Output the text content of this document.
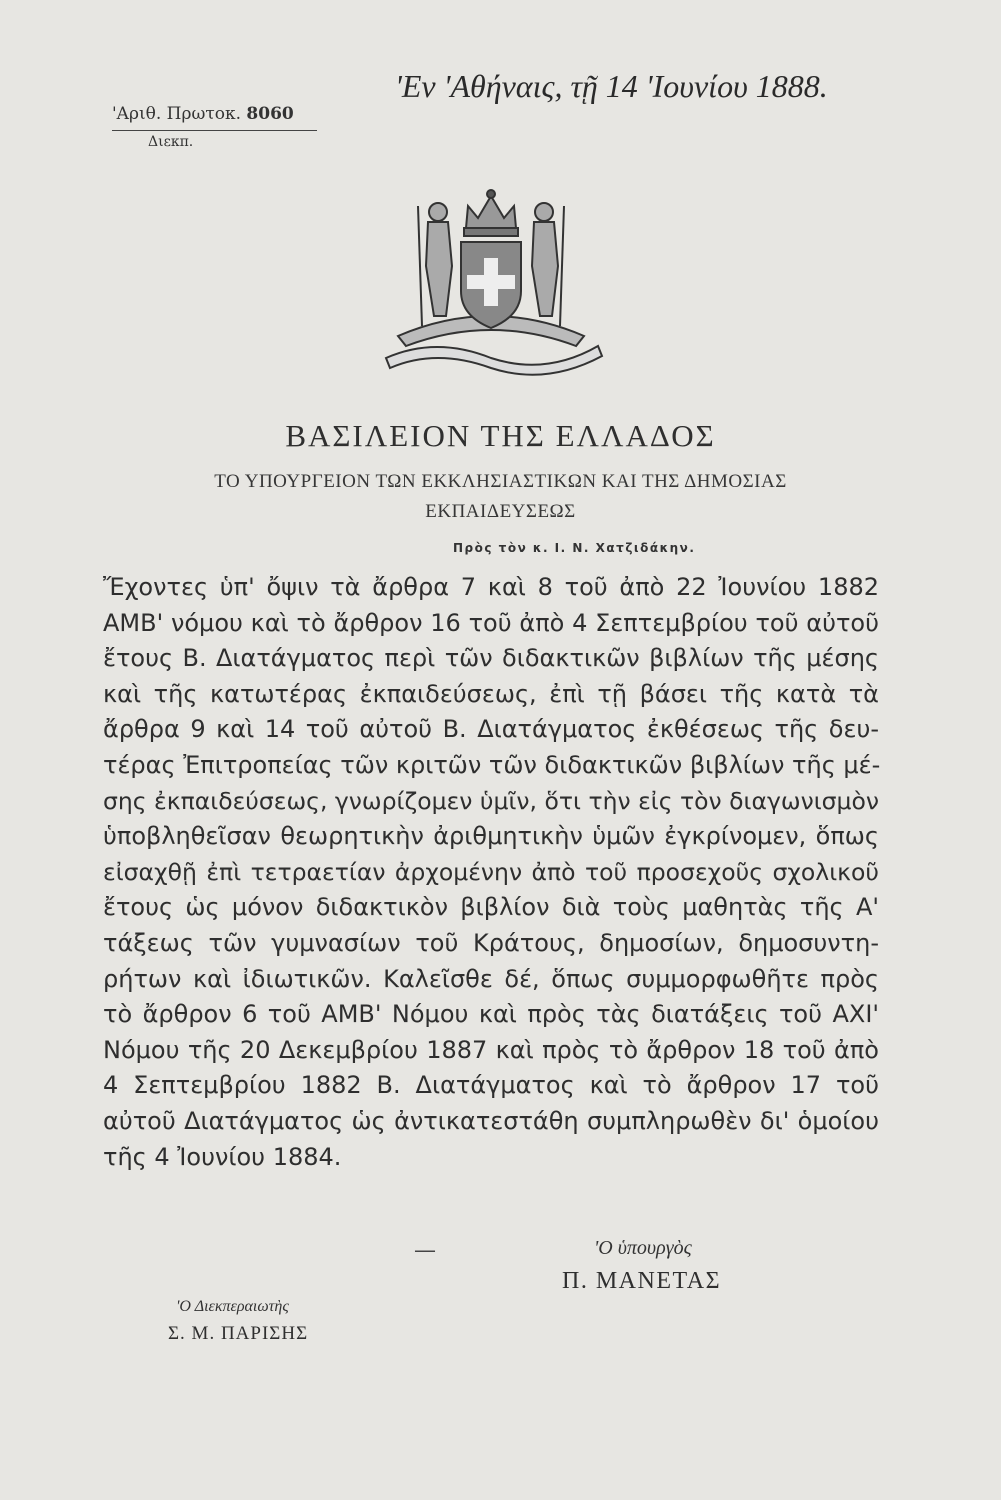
'Αριθ. Πρωτοκ. 8060
Διεκπ.
'Εν 'Αθήναις, τῇ 14 'Ιουνίου 1888.
ΒΑΣΙΛΕΙΟΝ ΤΗΣ ΕΛΛΑΔΟΣ
ΤΟ ΥΠΟΥΡΓΕΙΟΝ ΤΩΝ ΕΚΚΛΗΣΙΑΣΤΙΚΩΝ ΚΑΙ ΤΗΣ ΔΗΜΟΣΙΑΣ
ΕΚΠΑΙΔΕΥΣΕΩΣ
Πρὸς τὸν κ. Ι. Ν. Χατζιδάκην.
Ἔχοντες ὑπ' ὄψιν τὰ ἄρθρα 7 καὶ 8 τοῦ ἀπὸ 22 Ἰουνίου 1882
ΑΜΒ' νόμου καὶ τὸ ἄρθρον 16 τοῦ ἀπὸ 4 Σεπτεμβρίου τοῦ αὐτοῦ
ἔτους Β. Διατάγματος περὶ τῶν διδακτικῶν βιβλίων τῆς μέσης
καὶ τῆς κατωτέρας ἐκπαιδεύσεως, ἐπὶ τῇ βάσει τῆς κατὰ τὰ
ἄρθρα 9 καὶ 14 τοῦ αὐτοῦ Β. Διατάγματος ἐκθέσεως τῆς δευ-
τέρας Ἐπιτροπείας τῶν κριτῶν τῶν διδακτικῶν βιβλίων τῆς μέ-
σης ἐκπαιδεύσεως, γνωρίζομεν ὑμῖν, ὅτι τὴν εἰς τὸν διαγωνισμὸν
ὑποβληθεῖσαν θεωρητικὴν ἀριθμητικὴν ὑμῶν ἐγκρίνομεν, ὅπως
εἰσαχθῇ ἐπὶ τετραετίαν ἀρχομένην ἀπὸ τοῦ προσεχοῦς σχολικοῦ
ἔτους ὡς μόνον διδακτικὸν βιβλίον διὰ τοὺς μαθητὰς τῆς Α'
τάξεως τῶν γυμνασίων τοῦ Κράτους, δημοσίων, δημοσυντη-
ρήτων καὶ ἰδιωτικῶν. Καλεῖσθε δέ, ὅπως συμμορφωθῆτε πρὸς
τὸ ἄρθρον 6 τοῦ ΑΜΒ' Νόμου καὶ πρὸς τὰς διατάξεις τοῦ ΑΧΙ'
Νόμου τῆς 20 Δεκεμβρίου 1887 καὶ πρὸς τὸ ἄρθρον 18 τοῦ ἀπὸ
4 Σεπτεμβρίου 1882 Β. Διατάγματος καὶ τὸ ἄρθρον 17 τοῦ
αὐτοῦ Διατάγματος ὡς ἀντικατεστάθη συμπληρωθὲν δι' ὁμοίου
τῆς 4 Ἰουνίου 1884.
—	'Ο ὑπουργὸς
Π. ΜΑΝΕΤΑΣ
'Ο Διεκπεραιωτὴς
Σ. Μ. ΠΑΡΙΣΗΣ
